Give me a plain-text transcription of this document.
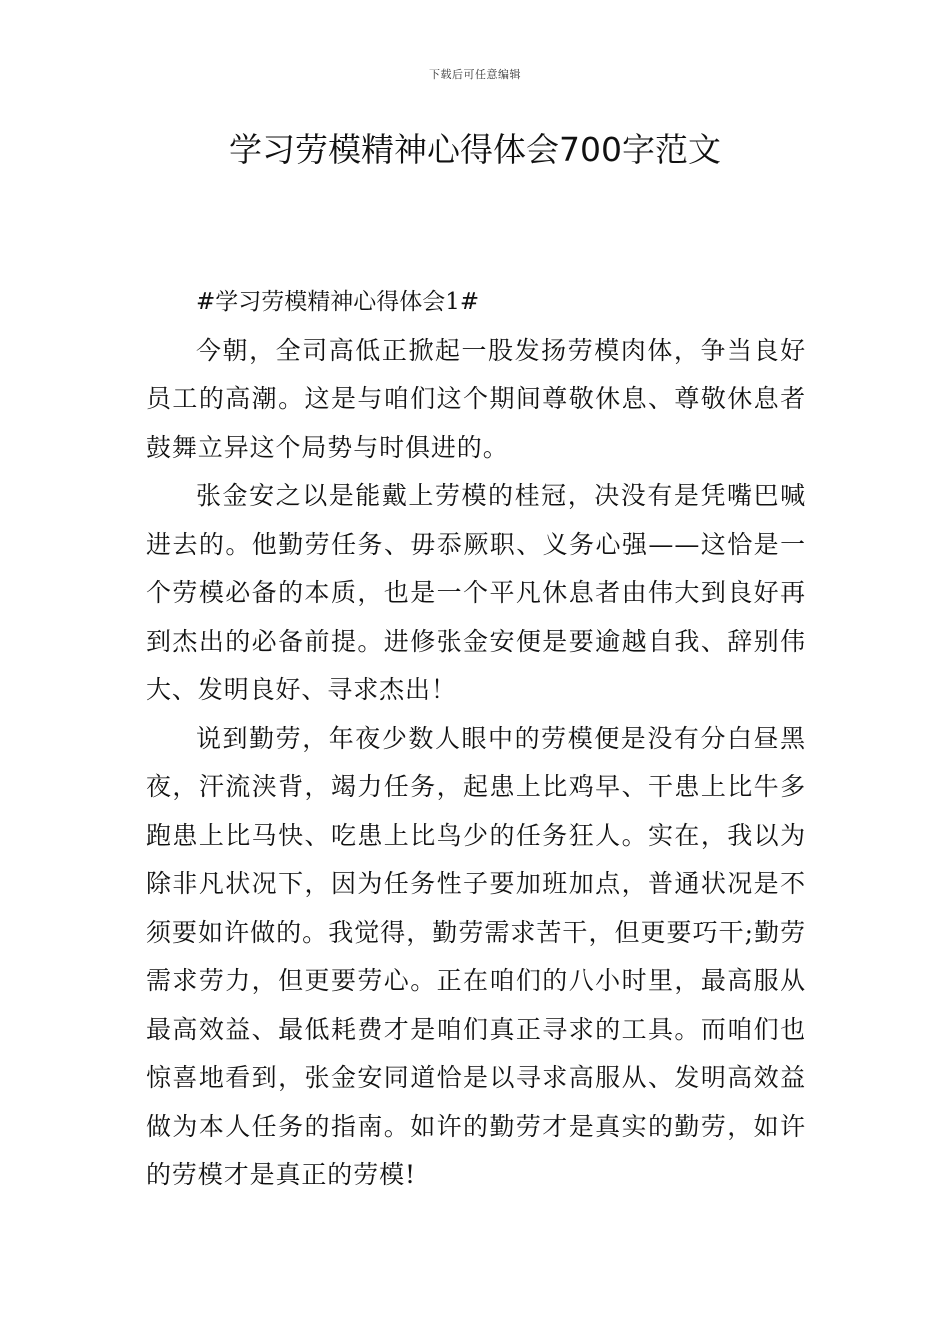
下载后可任意编辑
学习劳模精神心得体会700字范文

#学习劳模精神心得体会1#

今朝，全司高低正掀起一股发扬劳模肉体，争当良好员工的高潮。这是与咱们这个期间尊敬休息、尊敬休息者鼓舞立异这个局势与时俱进的。

张金安之以是能戴上劳模的桂冠，决没有是凭嘴巴喊进去的。他勤劳任务、毋忝厥职、义务心强——这恰是一个劳模必备的本质，也是一个平凡休息者由伟大到良好再到杰出的必备前提。进修张金安便是要逾越自我、辞别伟大、发明良好、寻求杰出！

说到勤劳，年夜少数人眼中的劳模便是没有分白昼黑夜，汗流浃背，竭力任务，起患上比鸡早、干患上比牛多跑患上比马快、吃患上比鸟少的任务狂人。实在，我以为除非凡状况下，因为任务性子要加班加点，普通状况是不须要如许做的。我觉得，勤劳需求苦干，但更要巧干;勤劳需求劳力，但更要劳心。正在咱们的八小时里，最高服从最高效益、最低耗费才是咱们真正寻求的工具。而咱们也惊喜地看到，张金安同道恰是以寻求高服从、发明高效益做为本人任务的指南。如许的勤劳才是真实的勤劳，如许的劳模才是真正的劳模!
